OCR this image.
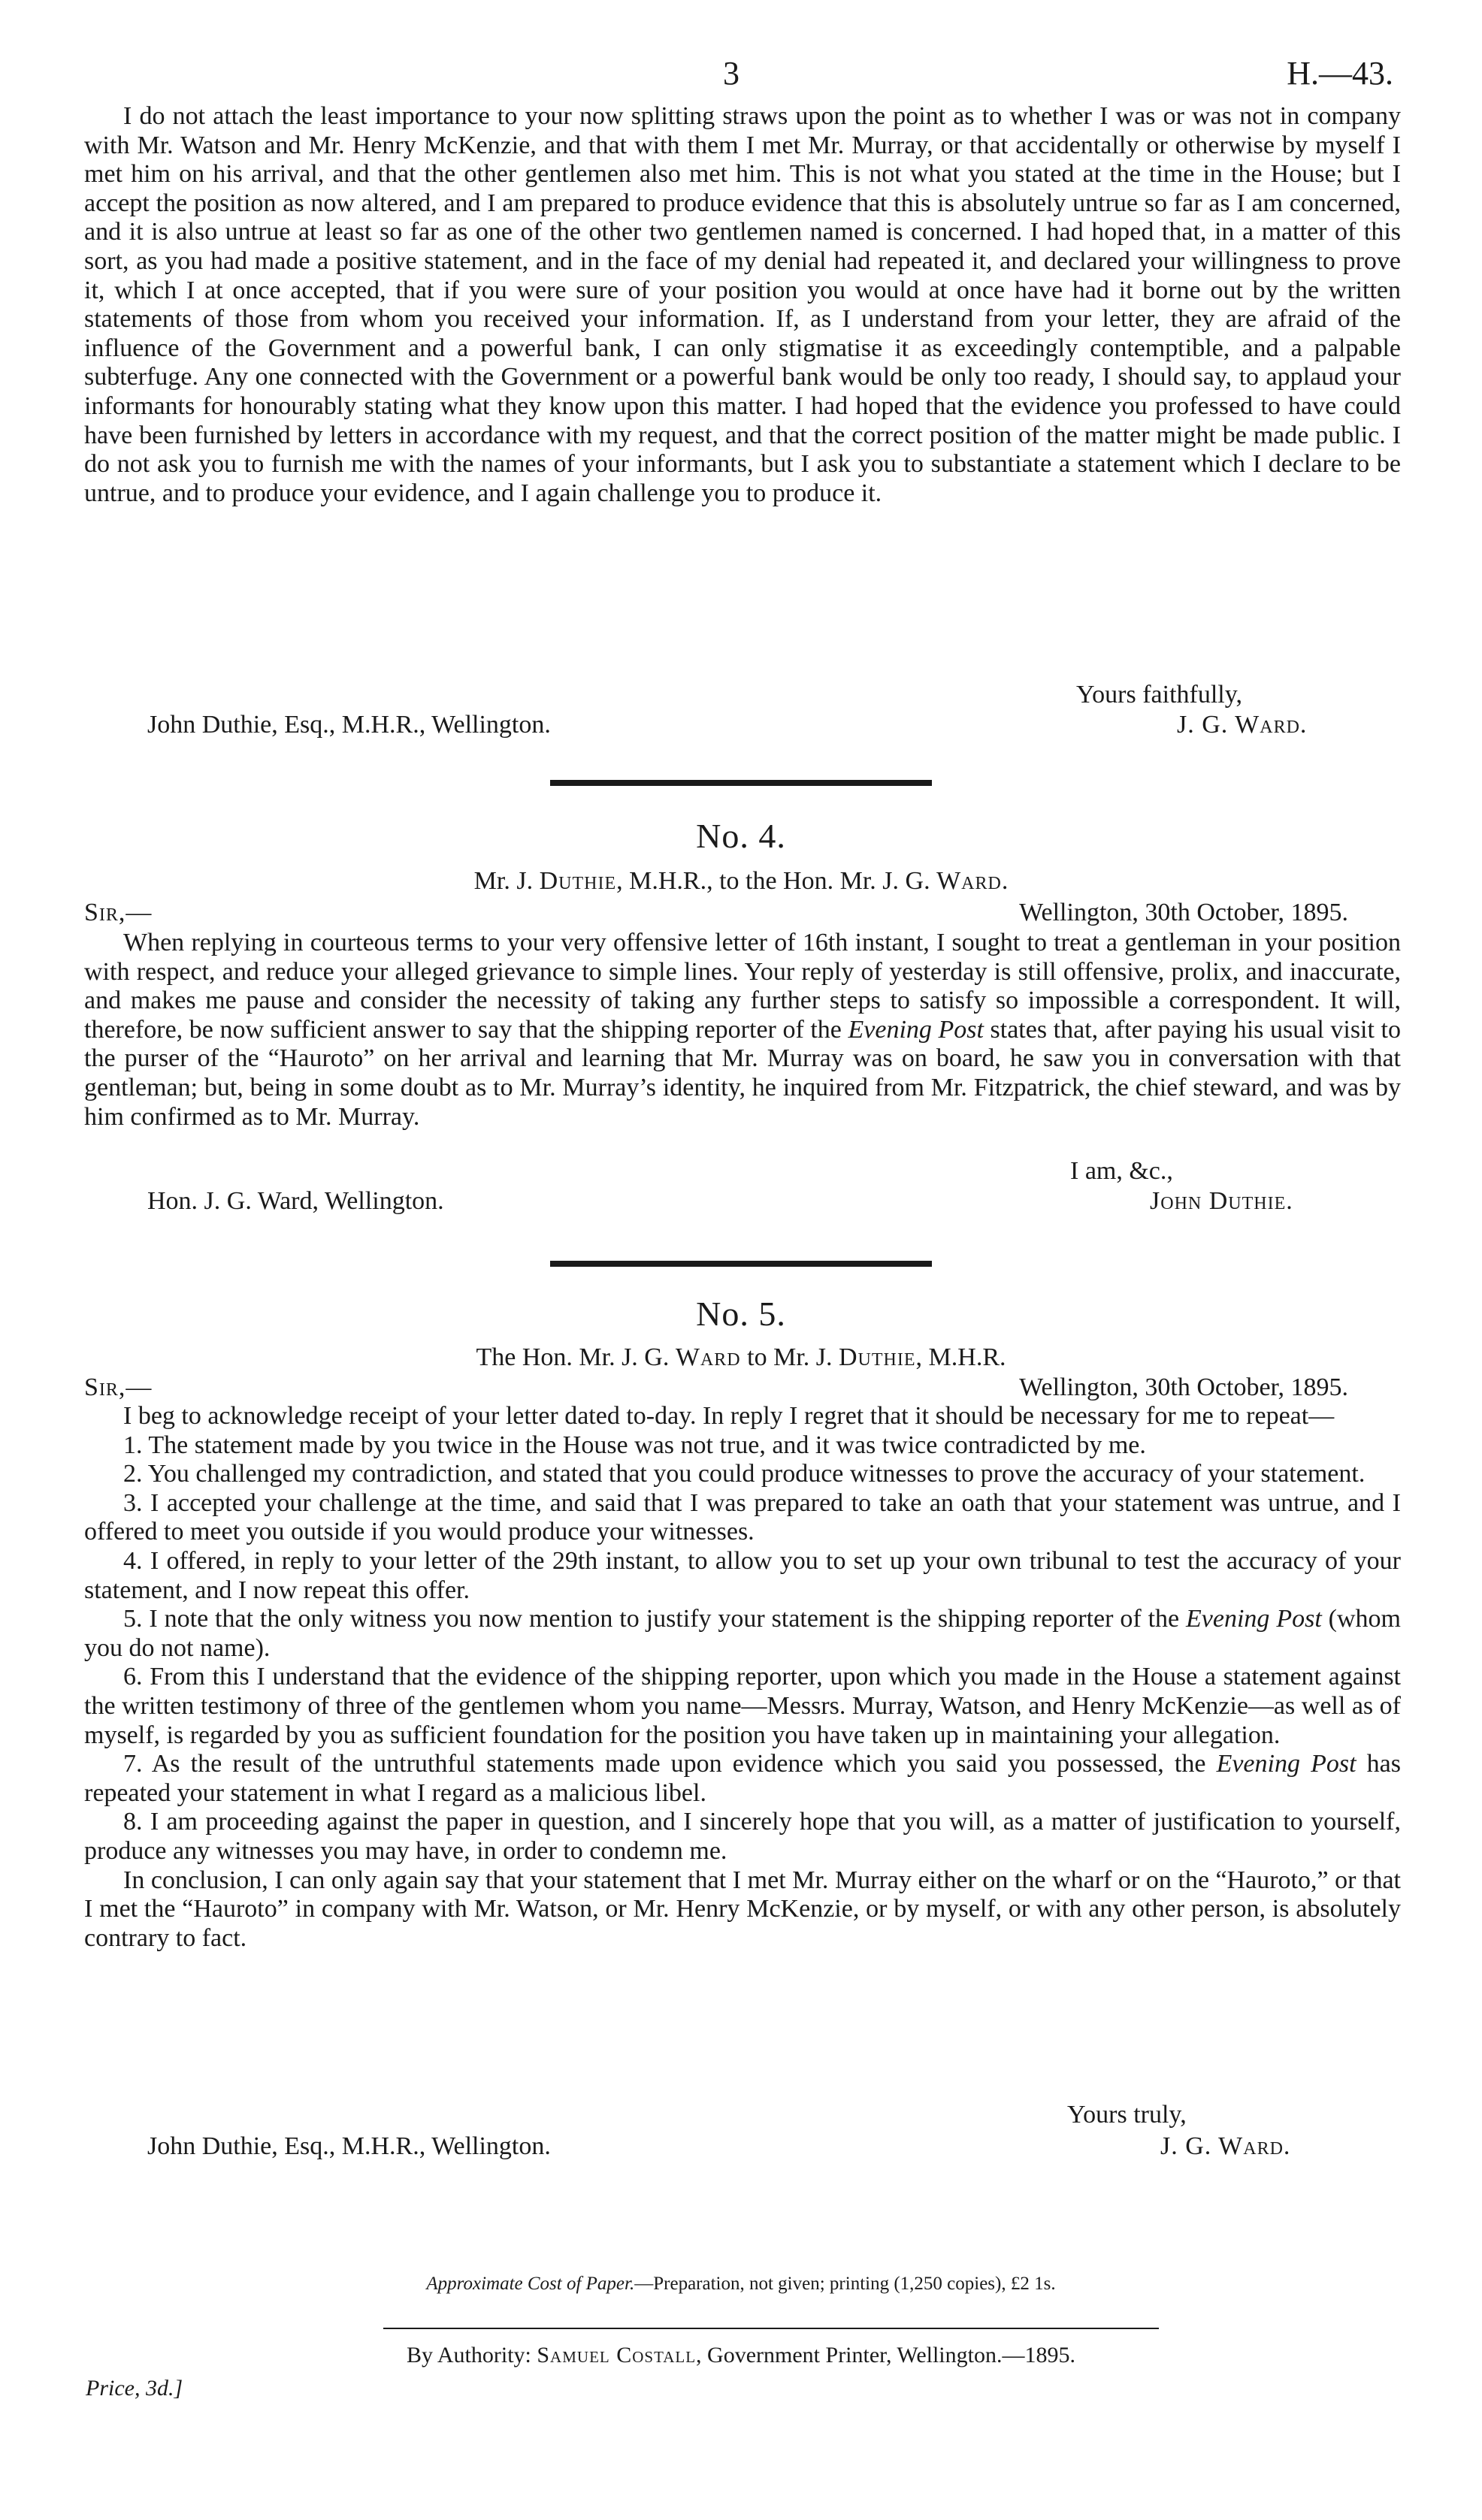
3	H.—43.

I do not attach the least importance to your now splitting straws upon the point as to whether I was or was not in company with Mr. Watson and Mr. Henry McKenzie, and that with them I met Mr. Murray, or that accidentally or otherwise by myself I met him on his arrival, and that the other gentlemen also met him. This is not what you stated at the time in the House; but I accept the position as now altered, and I am prepared to produce evidence that this is absolutely untrue so far as I am concerned, and it is also untrue at least so far as one of the other two gentlemen named is concerned. I had hoped that, in a matter of this sort, as you had made a positive statement, and in the face of my denial had repeated it, and declared your willingness to prove it, which I at once accepted, that if you were sure of your position you would at once have had it borne out by the written statements of those from whom you received your information. If, as I understand from your letter, they are afraid of the influence of the Government and a powerful bank, I can only stigmatise it as exceedingly contemptible, and a palpable subterfuge. Any one connected with the Government or a powerful bank would be only too ready, I should say, to applaud your informants for honourably stating what they know upon this matter. I had hoped that the evidence you professed to have could have been furnished by letters in accordance with my request, and that the correct position of the matter might be made public. I do not ask you to furnish me with the names of your informants, but I ask you to substantiate a statement which I declare to be untrue, and to produce your evidence, and I again challenge you to produce it.

Yours faithfully,
John Duthie, Esq., M.H.R., Wellington.	J. G. Ward.
No. 4.
Mr. J. Duthie, M.H.R., to the Hon. Mr. J. G. Ward.
Sir,—	Wellington, 30th October, 1895.

When replying in courteous terms to your very offensive letter of 16th instant, I sought to treat a gentleman in your position with respect, and reduce your alleged grievance to simple lines. Your reply of yesterday is still offensive, prolix, and inaccurate, and makes me pause and consider the necessity of taking any further steps to satisfy so impossible a correspondent. It will, therefore, be now sufficient answer to say that the shipping reporter of the Evening Post states that, after paying his usual visit to the purser of the “Hauroto” on her arrival and learning that Mr. Murray was on board, he saw you in conversation with that gentleman; but, being in some doubt as to Mr. Murray’s identity, he inquired from Mr. Fitzpatrick, the chief steward, and was by him confirmed as to Mr. Murray.

I am, &c.,
Hon. J. G. Ward, Wellington.	John Duthie.
No. 5.
The Hon. Mr. J. G. Ward to Mr. J. Duthie, M.H.R.
Sir,—	Wellington, 30th October, 1895.

I beg to acknowledge receipt of your letter dated to-day. In reply I regret that it should be necessary for me to repeat—

1. The statement made by you twice in the House was not true, and it was twice contradicted by me.

2. You challenged my contradiction, and stated that you could produce witnesses to prove the accuracy of your statement.

3. I accepted your challenge at the time, and said that I was prepared to take an oath that your statement was untrue, and I offered to meet you outside if you would produce your witnesses.

4. I offered, in reply to your letter of the 29th instant, to allow you to set up your own tribunal to test the accuracy of your statement, and I now repeat this offer.

5. I note that the only witness you now mention to justify your statement is the shipping reporter of the Evening Post (whom you do not name).

6. From this I understand that the evidence of the shipping reporter, upon which you made in the House a statement against the written testimony of three of the gentlemen whom you name—Messrs. Murray, Watson, and Henry McKenzie—as well as of myself, is regarded by you as sufficient foundation for the position you have taken up in maintaining your allegation.

7. As the result of the untruthful statements made upon evidence which you said you possessed, the Evening Post has repeated your statement in what I regard as a malicious libel.

8. I am proceeding against the paper in question, and I sincerely hope that you will, as a matter of justification to yourself, produce any witnesses you may have, in order to condemn me.

In conclusion, I can only again say that your statement that I met Mr. Murray either on the wharf or on the “Hauroto,” or that I met the “Hauroto” in company with Mr. Watson, or Mr. Henry McKenzie, or by myself, or with any other person, is absolutely contrary to fact.

Yours truly,
John Duthie, Esq., M.H.R., Wellington.	J. G. Ward.
Approximate Cost of Paper.—Preparation, not given; printing (1,250 copies), £2 1s.
By Authority: Samuel Costall, Government Printer, Wellington.—1895.
Price, 3d.]
